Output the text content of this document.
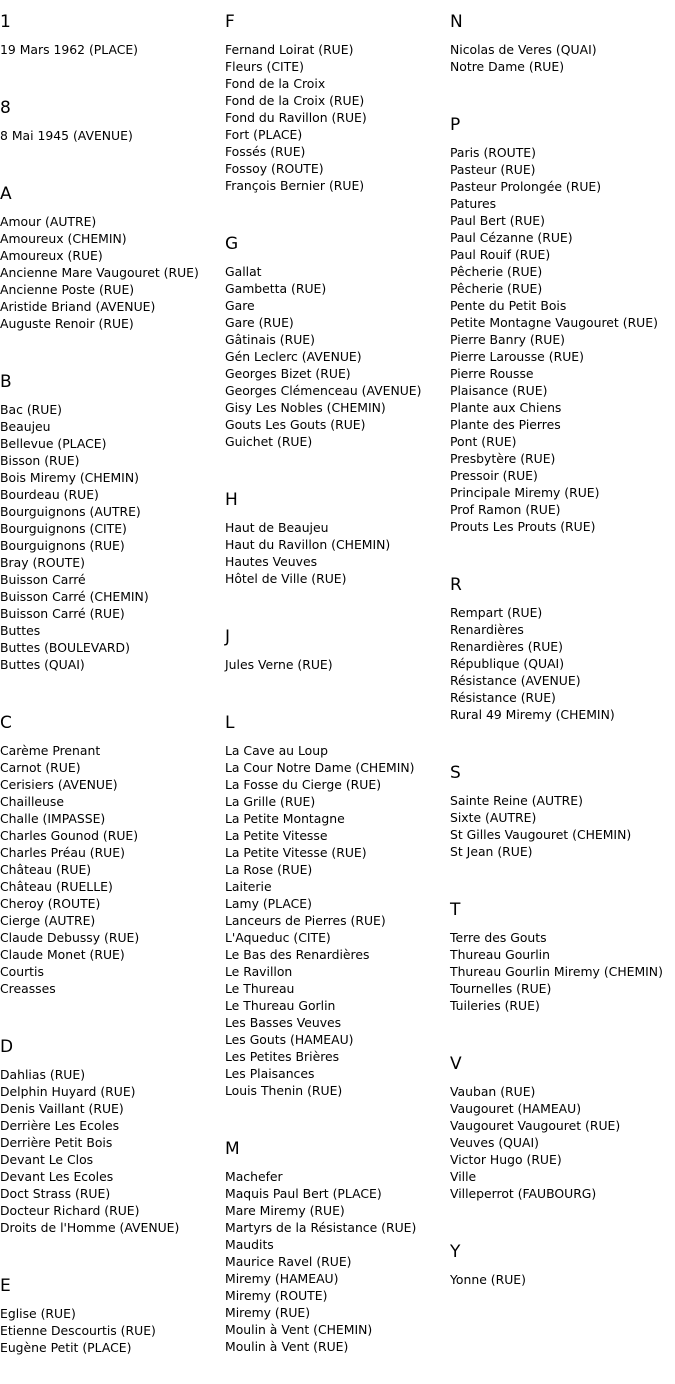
1
19 Mars 1962 (PLACE)
8
8 Mai 1945 (AVENUE)
A
Amour (AUTRE)
Amoureux (CHEMIN)
Amoureux (RUE)
Ancienne Mare Vaugouret (RUE)
Ancienne Poste (RUE)
Aristide Briand (AVENUE)
Auguste Renoir (RUE)
B
Bac (RUE)
Beaujeu
Bellevue (PLACE)
Bisson (RUE)
Bois Miremy (CHEMIN)
Bourdeau (RUE)
Bourguignons (AUTRE)
Bourguignons (CITE)
Bourguignons (RUE)
Bray (ROUTE)
Buisson Carré
Buisson Carré (CHEMIN)
Buisson Carré (RUE)
Buttes
Buttes (BOULEVARD)
Buttes (QUAI)
C
Carème Prenant
Carnot (RUE)
Cerisiers (AVENUE)
Chailleuse
Challe (IMPASSE)
Charles Gounod (RUE)
Charles Préau (RUE)
Château (RUE)
Château (RUELLE)
Cheroy (ROUTE)
Cierge (AUTRE)
Claude Debussy (RUE)
Claude Monet (RUE)
Courtis
Creasses
D
Dahlias (RUE)
Delphin Huyard (RUE)
Denis Vaillant (RUE)
Derrière Les Ecoles
Derrière Petit Bois
Devant Le Clos
Devant Les Ecoles
Doct Strass (RUE)
Docteur Richard (RUE)
Droits de l'Homme (AVENUE)
E
Eglise (RUE)
Etienne Descourtis (RUE)
Eugène Petit (PLACE)
F
Fernand Loirat (RUE)
Fleurs (CITE)
Fond de la Croix
Fond de la Croix (RUE)
Fond du Ravillon (RUE)
Fort (PLACE)
Fossés (RUE)
Fossoy (ROUTE)
François Bernier (RUE)
G
Gallat
Gambetta (RUE)
Gare
Gare (RUE)
Gâtinais (RUE)
Gén Leclerc (AVENUE)
Georges Bizet (RUE)
Georges Clémenceau (AVENUE)
Gisy Les Nobles (CHEMIN)
Gouts Les Gouts (RUE)
Guichet (RUE)
H
Haut de Beaujeu
Haut du Ravillon (CHEMIN)
Hautes Veuves
Hôtel de Ville (RUE)
J
Jules Verne (RUE)
L
La Cave au Loup
La Cour Notre Dame (CHEMIN)
La Fosse du Cierge (RUE)
La Grille (RUE)
La Petite Montagne
La Petite Vitesse
La Petite Vitesse (RUE)
La Rose (RUE)
Laiterie
Lamy (PLACE)
Lanceurs de Pierres (RUE)
L'Aqueduc (CITE)
Le Bas des Renardières
Le Ravillon
Le Thureau
Le Thureau Gorlin
Les Basses Veuves
Les Gouts (HAMEAU)
Les Petites Brières
Les Plaisances
Louis Thenin (RUE)
M
Machefer
Maquis Paul Bert (PLACE)
Mare Miremy (RUE)
Martyrs de la Résistance (RUE)
Maudits
Maurice Ravel (RUE)
Miremy (HAMEAU)
Miremy (ROUTE)
Miremy (RUE)
Moulin à Vent (CHEMIN)
Moulin à Vent (RUE)
N
Nicolas de Veres (QUAI)
Notre Dame (RUE)
P
Paris (ROUTE)
Pasteur (RUE)
Pasteur Prolongée (RUE)
Patures
Paul Bert (RUE)
Paul Cézanne (RUE)
Paul Rouif (RUE)
Pêcherie (RUE)
Pêcherie (RUE)
Pente du Petit Bois
Petite Montagne Vaugouret (RUE)
Pierre Banry (RUE)
Pierre Larousse (RUE)
Pierre Rousse
Plaisance (RUE)
Plante aux Chiens
Plante des Pierres
Pont (RUE)
Presbytère (RUE)
Pressoir (RUE)
Principale Miremy (RUE)
Prof Ramon (RUE)
Prouts Les Prouts (RUE)
R
Rempart (RUE)
Renardières
Renardières (RUE)
République (QUAI)
Résistance (AVENUE)
Résistance (RUE)
Rural 49 Miremy (CHEMIN)
S
Sainte Reine (AUTRE)
Sixte (AUTRE)
St Gilles Vaugouret (CHEMIN)
St Jean (RUE)
T
Terre des Gouts
Thureau Gourlin
Thureau Gourlin Miremy (CHEMIN)
Tournelles (RUE)
Tuileries (RUE)
V
Vauban (RUE)
Vaugouret (HAMEAU)
Vaugouret Vaugouret (RUE)
Veuves (QUAI)
Victor Hugo (RUE)
Ville
Villeperrot (FAUBOURG)
Y
Yonne (RUE)
